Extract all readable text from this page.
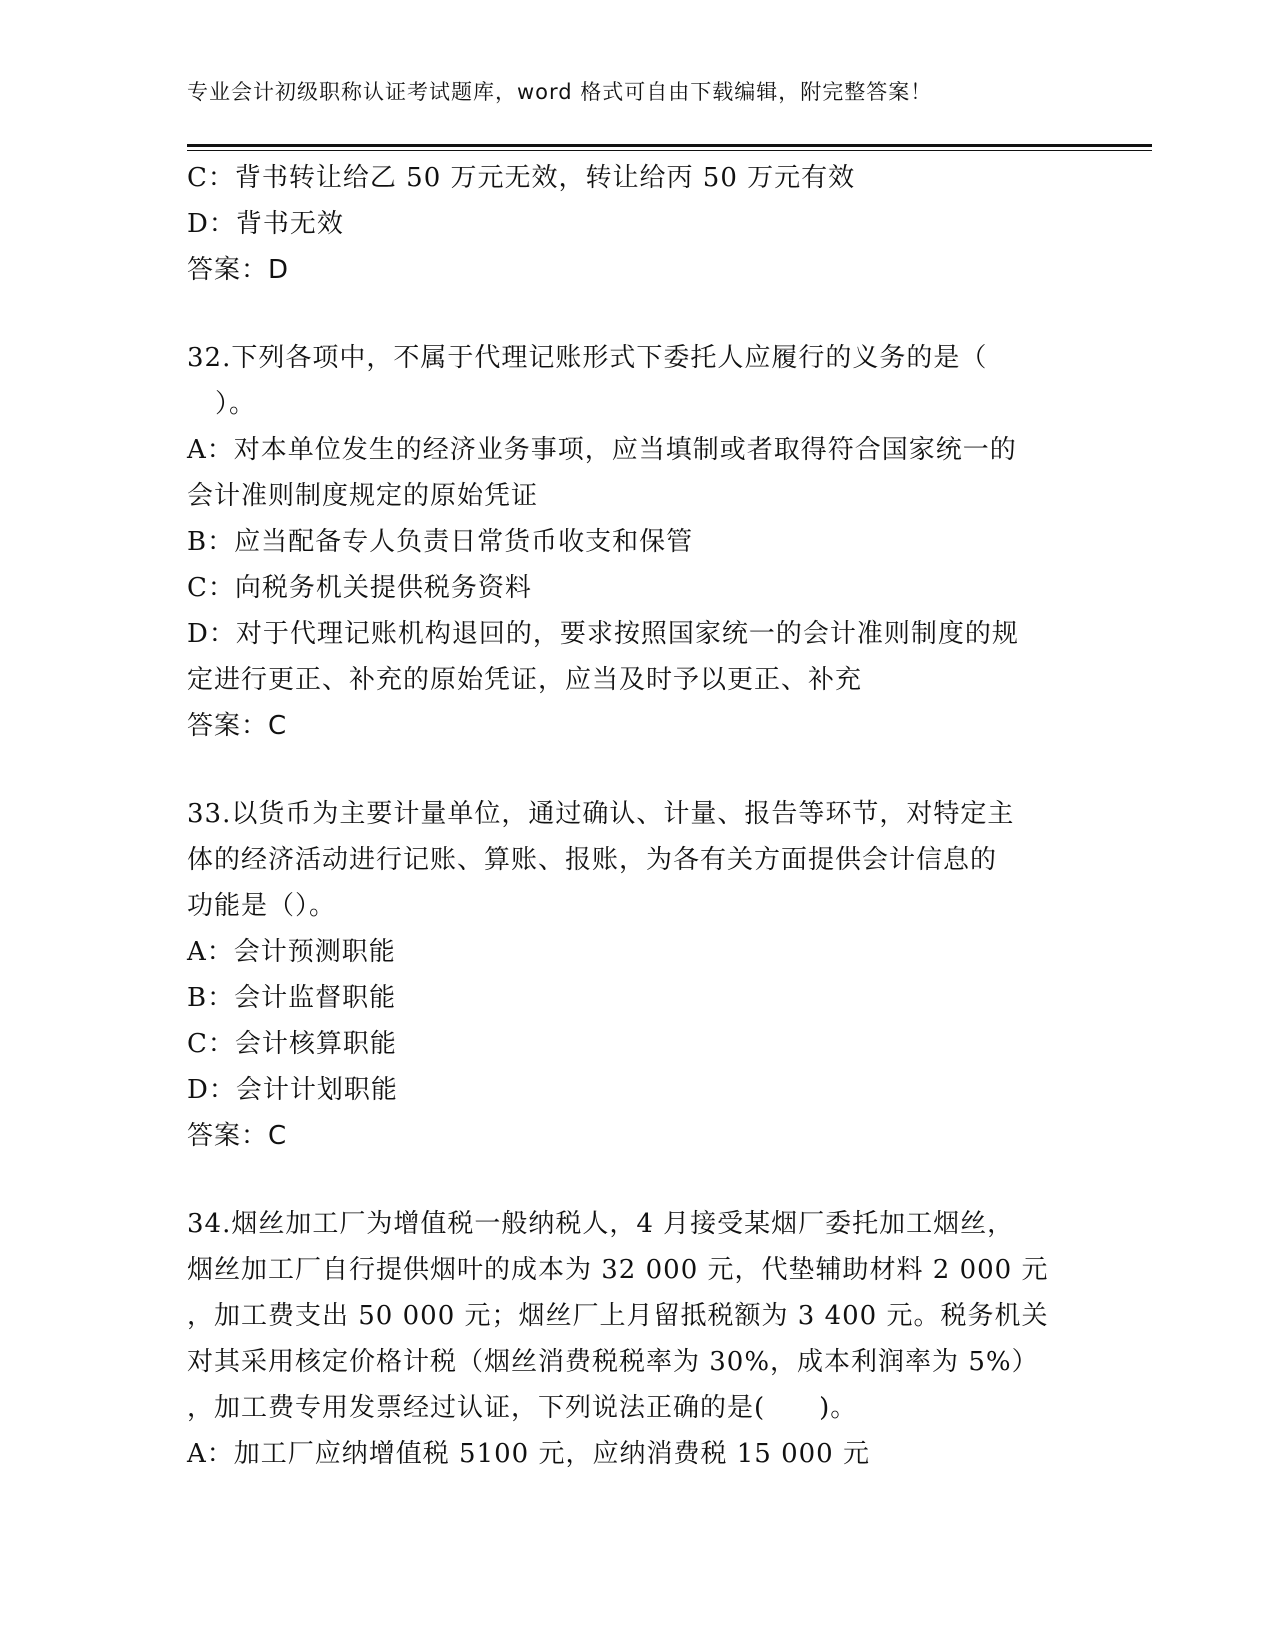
专业会计初级职称认证考试题库，word 格式可自由下载编辑，附完整答案！
C：背书转让给乙 50 万元无效，转让给丙 50 万元有效
D：背书无效
答案：D
32.下列各项中，不属于代理记账形式下委托人应履行的义务的是（
）。
A：对本单位发生的经济业务事项，应当填制或者取得符合国家统一的
会计准则制度规定的原始凭证
B：应当配备专人负责日常货币收支和保管
C：向税务机关提供税务资料
D：对于代理记账机构退回的，要求按照国家统一的会计准则制度的规
定进行更正、补充的原始凭证，应当及时予以更正、补充
答案：C
33.以货币为主要计量单位，通过确认、计量、报告等环节，对特定主
体的经济活动进行记账、算账、报账，为各有关方面提供会计信息的
功能是（）。
A：会计预测职能
B：会计监督职能
C：会计核算职能
D：会计计划职能
答案：C
34.烟丝加工厂为增值税一般纳税人，4 月接受某烟厂委托加工烟丝，
烟丝加工厂自行提供烟叶的成本为 32 000 元，代垫辅助材料 2 000 元
，加工费支出 50 000 元；烟丝厂上月留抵税额为 3 400 元。税务机关
对其采用核定价格计税（烟丝消费税税率为 30%，成本利润率为 5%）
，加工费专用发票经过认证，下列说法正确的是(　　)。
A：加工厂应纳增值税 5100 元，应纳消费税 15 000 元
